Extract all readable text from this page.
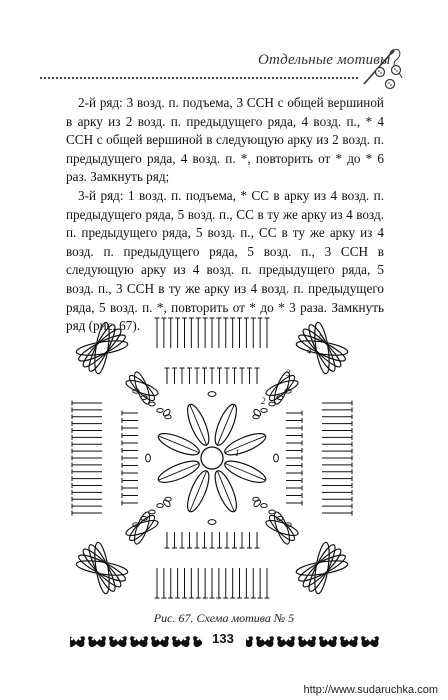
Отдельные мотивы

2-й ряд: 3 возд. п. подъема, 3 ССН с общей вершиной в арку из 2 возд. п. предыдущего ряда, 4 возд. п., * 4 ССН с общей вершиной в следующую арку из 2 возд. п. предыдущего ряда, 4 возд. п. *, повторить от * до * 6 раз. Замкнуть ряд;

3-й ряд: 1 возд. п. подъема, * СС в арку из 4 возд. п. предыдущего ряда, 5 возд. п., СС в ту же арку из 4 возд. п. предыдущего ряда, 5 возд. п., СС в ту же арку из 4 возд. п. предыдущего ряда, 5 возд. п., 3 ССН в следующую арку из 4 возд. п. предыдущего ряда, 5 возд. п., 3 ССН в ту же арку из 4 возд. п. предыдущего ряда, 5 возд. п. *, повторить от * до * 3 раза. Замкнуть ряд (рис. 67).

1
2
3
4
5
Рис. 67. Схема мотива № 5
133
http://www.sudaruchka.com
